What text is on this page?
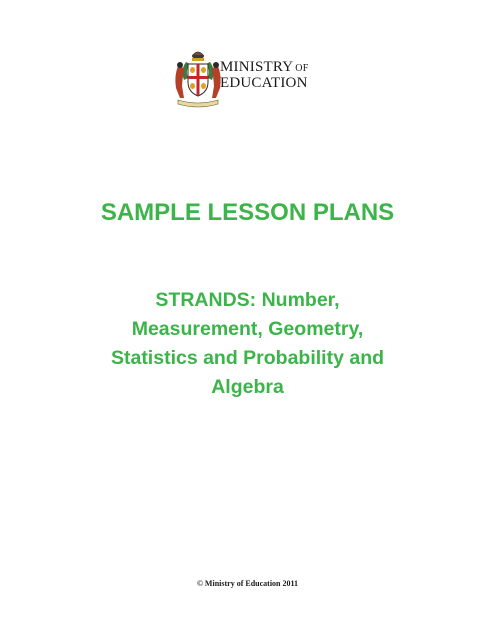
MINISTRY OF
EDUCATION
SAMPLE LESSON PLANS
STRANDS: Number,
Measurement, Geometry,
Statistics and Probability and
Algebra
© Ministry of Education 2011
